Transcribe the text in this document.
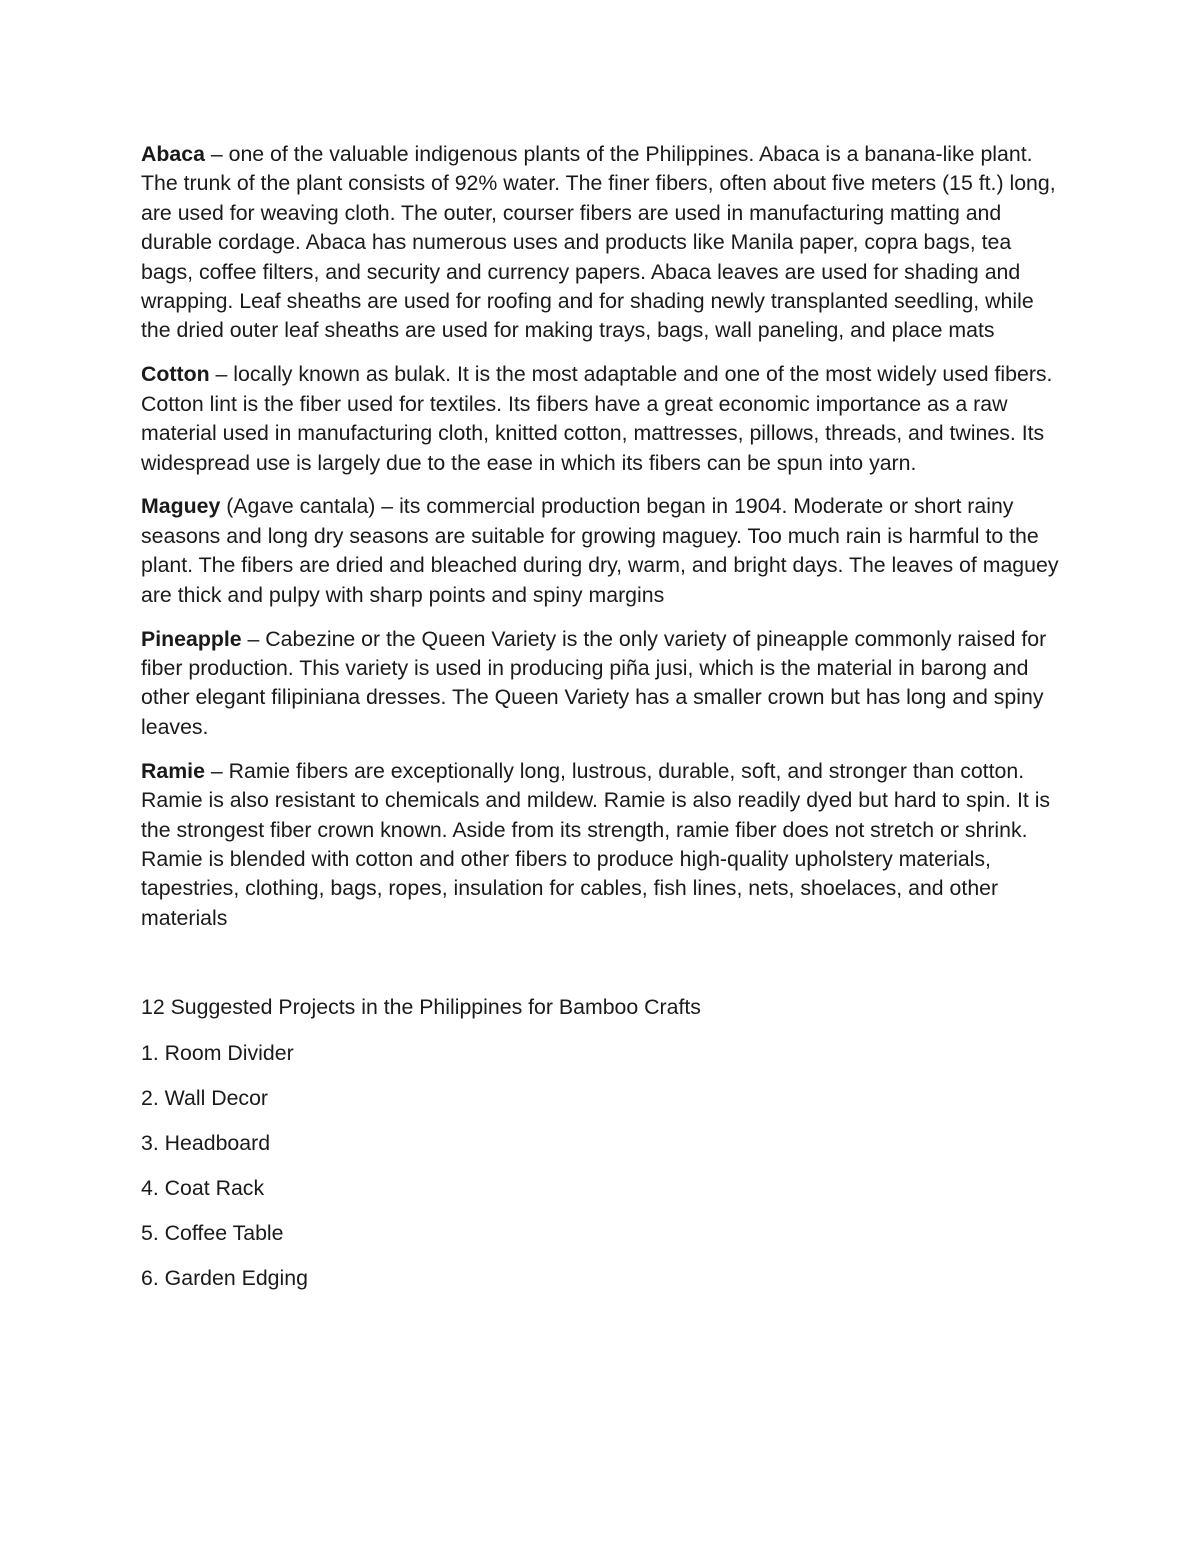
Abaca – one of the valuable indigenous plants of the Philippines. Abaca is a banana-like plant. The trunk of the plant consists of 92% water. The finer fibers, often about five meters (15 ft.) long, are used for weaving cloth. The outer, courser fibers are used in manufacturing matting and durable cordage. Abaca has numerous uses and products like Manila paper, copra bags, tea bags, coffee filters, and security and currency papers. Abaca leaves are used for shading and wrapping. Leaf sheaths are used for roofing and for shading newly transplanted seedling, while the dried outer leaf sheaths are used for making trays, bags, wall paneling, and place mats

Cotton – locally known as bulak. It is the most adaptable and one of the most widely used fibers. Cotton lint is the fiber used for textiles. Its fibers have a great economic importance as a raw material used in manufacturing cloth, knitted cotton, mattresses, pillows, threads, and twines. Its widespread use is largely due to the ease in which its fibers can be spun into yarn.

Maguey (Agave cantala) – its commercial production began in 1904. Moderate or short rainy seasons and long dry seasons are suitable for growing maguey. Too much rain is harmful to the plant. The fibers are dried and bleached during dry, warm, and bright days. The leaves of maguey are thick and pulpy with sharp points and spiny margins

Pineapple – Cabezine or the Queen Variety is the only variety of pineapple commonly raised for fiber production. This variety is used in producing piña jusi, which is the material in barong and other elegant filipiniana dresses. The Queen Variety has a smaller crown but has long and spiny leaves.

Ramie – Ramie fibers are exceptionally long, lustrous, durable, soft, and stronger than cotton. Ramie is also resistant to chemicals and mildew. Ramie is also readily dyed but hard to spin. It is the strongest fiber crown known. Aside from its strength, ramie fiber does not stretch or shrink. Ramie is blended with cotton and other fibers to produce high-quality upholstery materials, tapestries, clothing, bags, ropes, insulation for cables, fish lines, nets, shoelaces, and other materials

12 Suggested Projects in the Philippines for Bamboo Crafts

1. Room Divider
2. Wall Decor
3. Headboard
4. Coat Rack
5. Coffee Table
6. Garden Edging
